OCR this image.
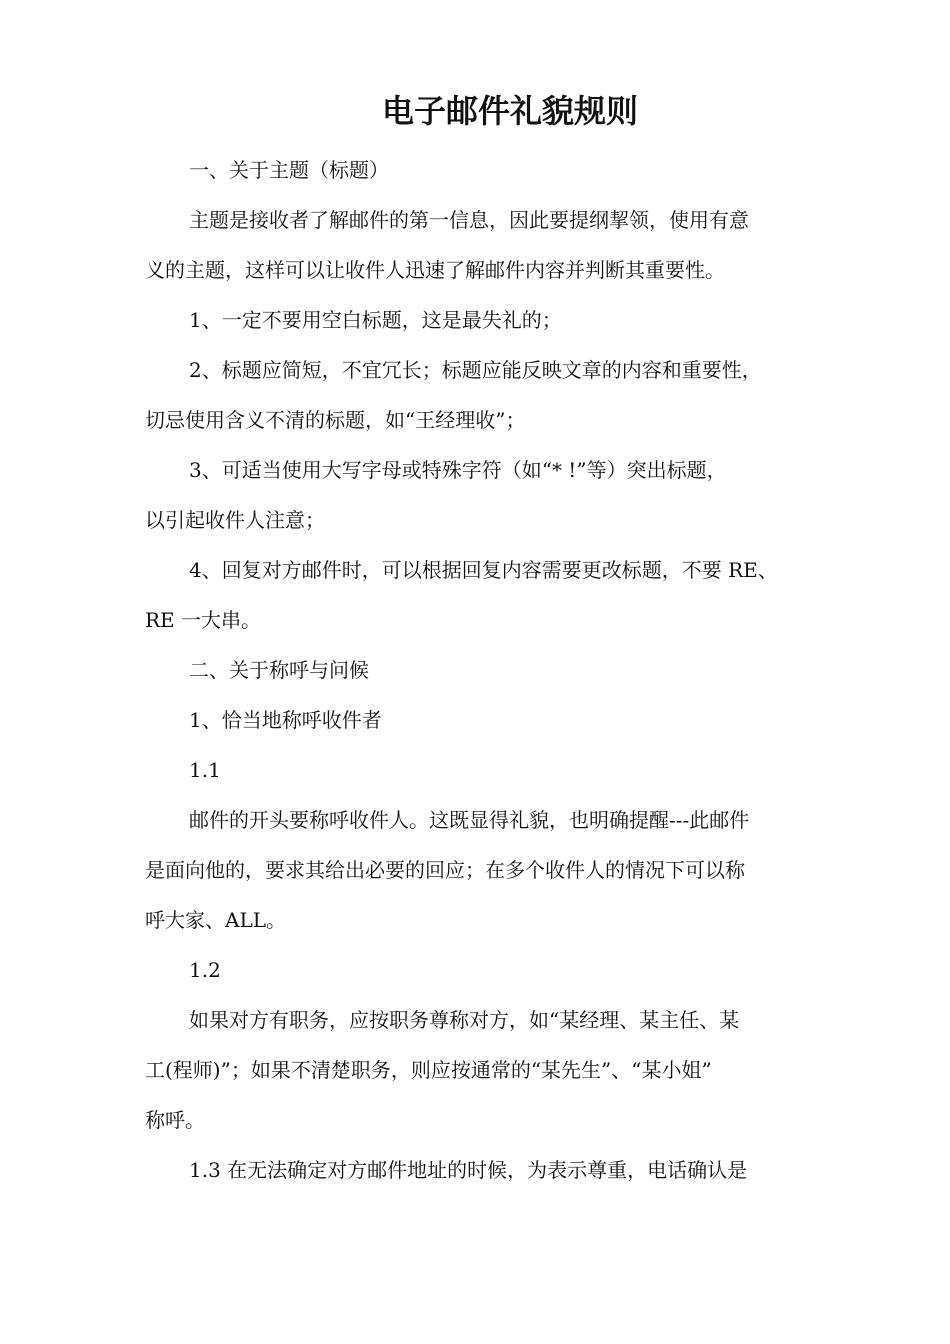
电子邮件礼貌规则

一、关于主题（标题）

主题是接收者了解邮件的第一信息，因此要提纲挈领，使用有意

义的主题，这样可以让收件人迅速了解邮件内容并判断其重要性。

1、一定不要用空白标题，这是最失礼的；

2、标题应简短，不宜冗长；标题应能反映文章的内容和重要性，

切忌使用含义不清的标题，如“王经理收”；

3、可适当使用大写字母或特殊字符（如“* !”等）突出标题，

以引起收件人注意；

4、回复对方邮件时，可以根据回复内容需要更改标题，不要 RE、

RE 一大串。

二、关于称呼与问候

1、恰当地称呼收件者

1.1

邮件的开头要称呼收件人。这既显得礼貌，也明确提醒---此邮件

是面向他的，要求其给出必要的回应；在多个收件人的情况下可以称

呼大家、ALL。

1.2

如果对方有职务，应按职务尊称对方，如“某经理、某主任、某

工(程师)”；如果不清楚职务，则应按通常的“某先生”、“某小姐”

称呼。

1.3 在无法确定对方邮件地址的时候，为表示尊重，电话确认是
